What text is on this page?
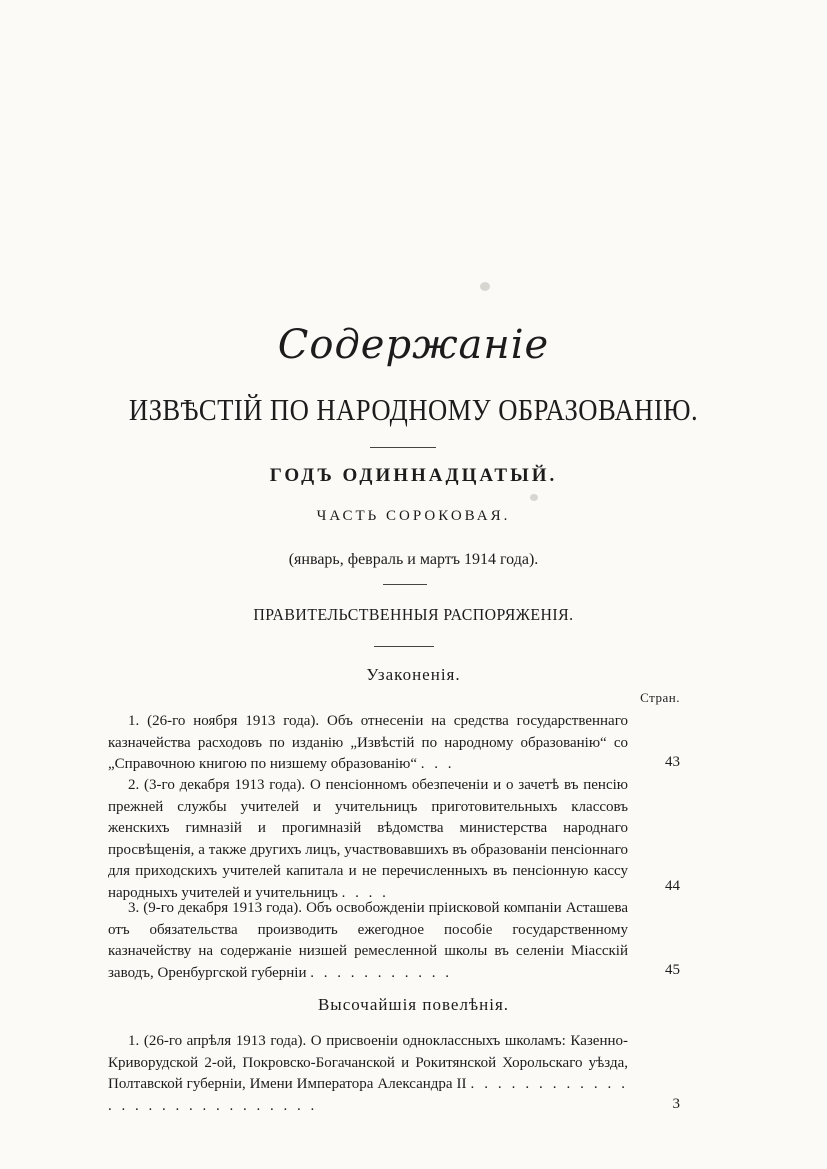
Содержаніе
ИЗВѢСТІЙ ПО НАРОДНОМУ ОБРАЗОВАНІЮ.
ГОДЪ ОДИННАДЦАТЫЙ.
ЧАСТЬ СОРОКОВАЯ.
(январь, февраль и мартъ 1914 года).
ПРАВИТЕЛЬСТВЕННЫЯ РАСПОРЯЖЕНІЯ.
Узаконенія.
Стран.
1. (26-го ноября 1913 года). Объ отнесеніи на средства государственнаго казначейства расходовъ по изданію „Извѣстій по народному образованію“ со „Справочною книгою по низшему образованію“ . . .	43
2. (3-го декабря 1913 года). О пенсіонномъ обезпеченіи и о зачетѣ въ пенсію прежней службы учителей и учительницъ приготовительныхъ классовъ женскихъ гимназій и прогимназій вѣдомства министерства народнаго просвѣщенія, а также другихъ лицъ, участвовавшихъ въ образованіи пенсіоннаго для приходскихъ учителей капитала и не перечисленныхъ въ пенсіонную кассу народныхъ учителей и учительницъ . . . .	44
3. (9-го декабря 1913 года). Объ освобожденіи пріисковой компаніи Асташева отъ обязательства производить ежегодное пособіе государственному казначейству на содержаніе низшей ремесленной школы въ селеніи Міасскій заводъ, Оренбургской губерніи . . . . . . . . . . .	45
Высочайшія повелѣнія.
1. (26-го апрѣля 1913 года). О присвоеніи одноклассныхъ школамъ: Казенно-Криворудской 2-ой, Покровско-Богачанской и Рокитянской Хорольскаго уѣзда, Полтавской губерніи, Имени Императора Александра II . . . . . . . . . . . . . . . . . . . . . . . . . . . .	3
